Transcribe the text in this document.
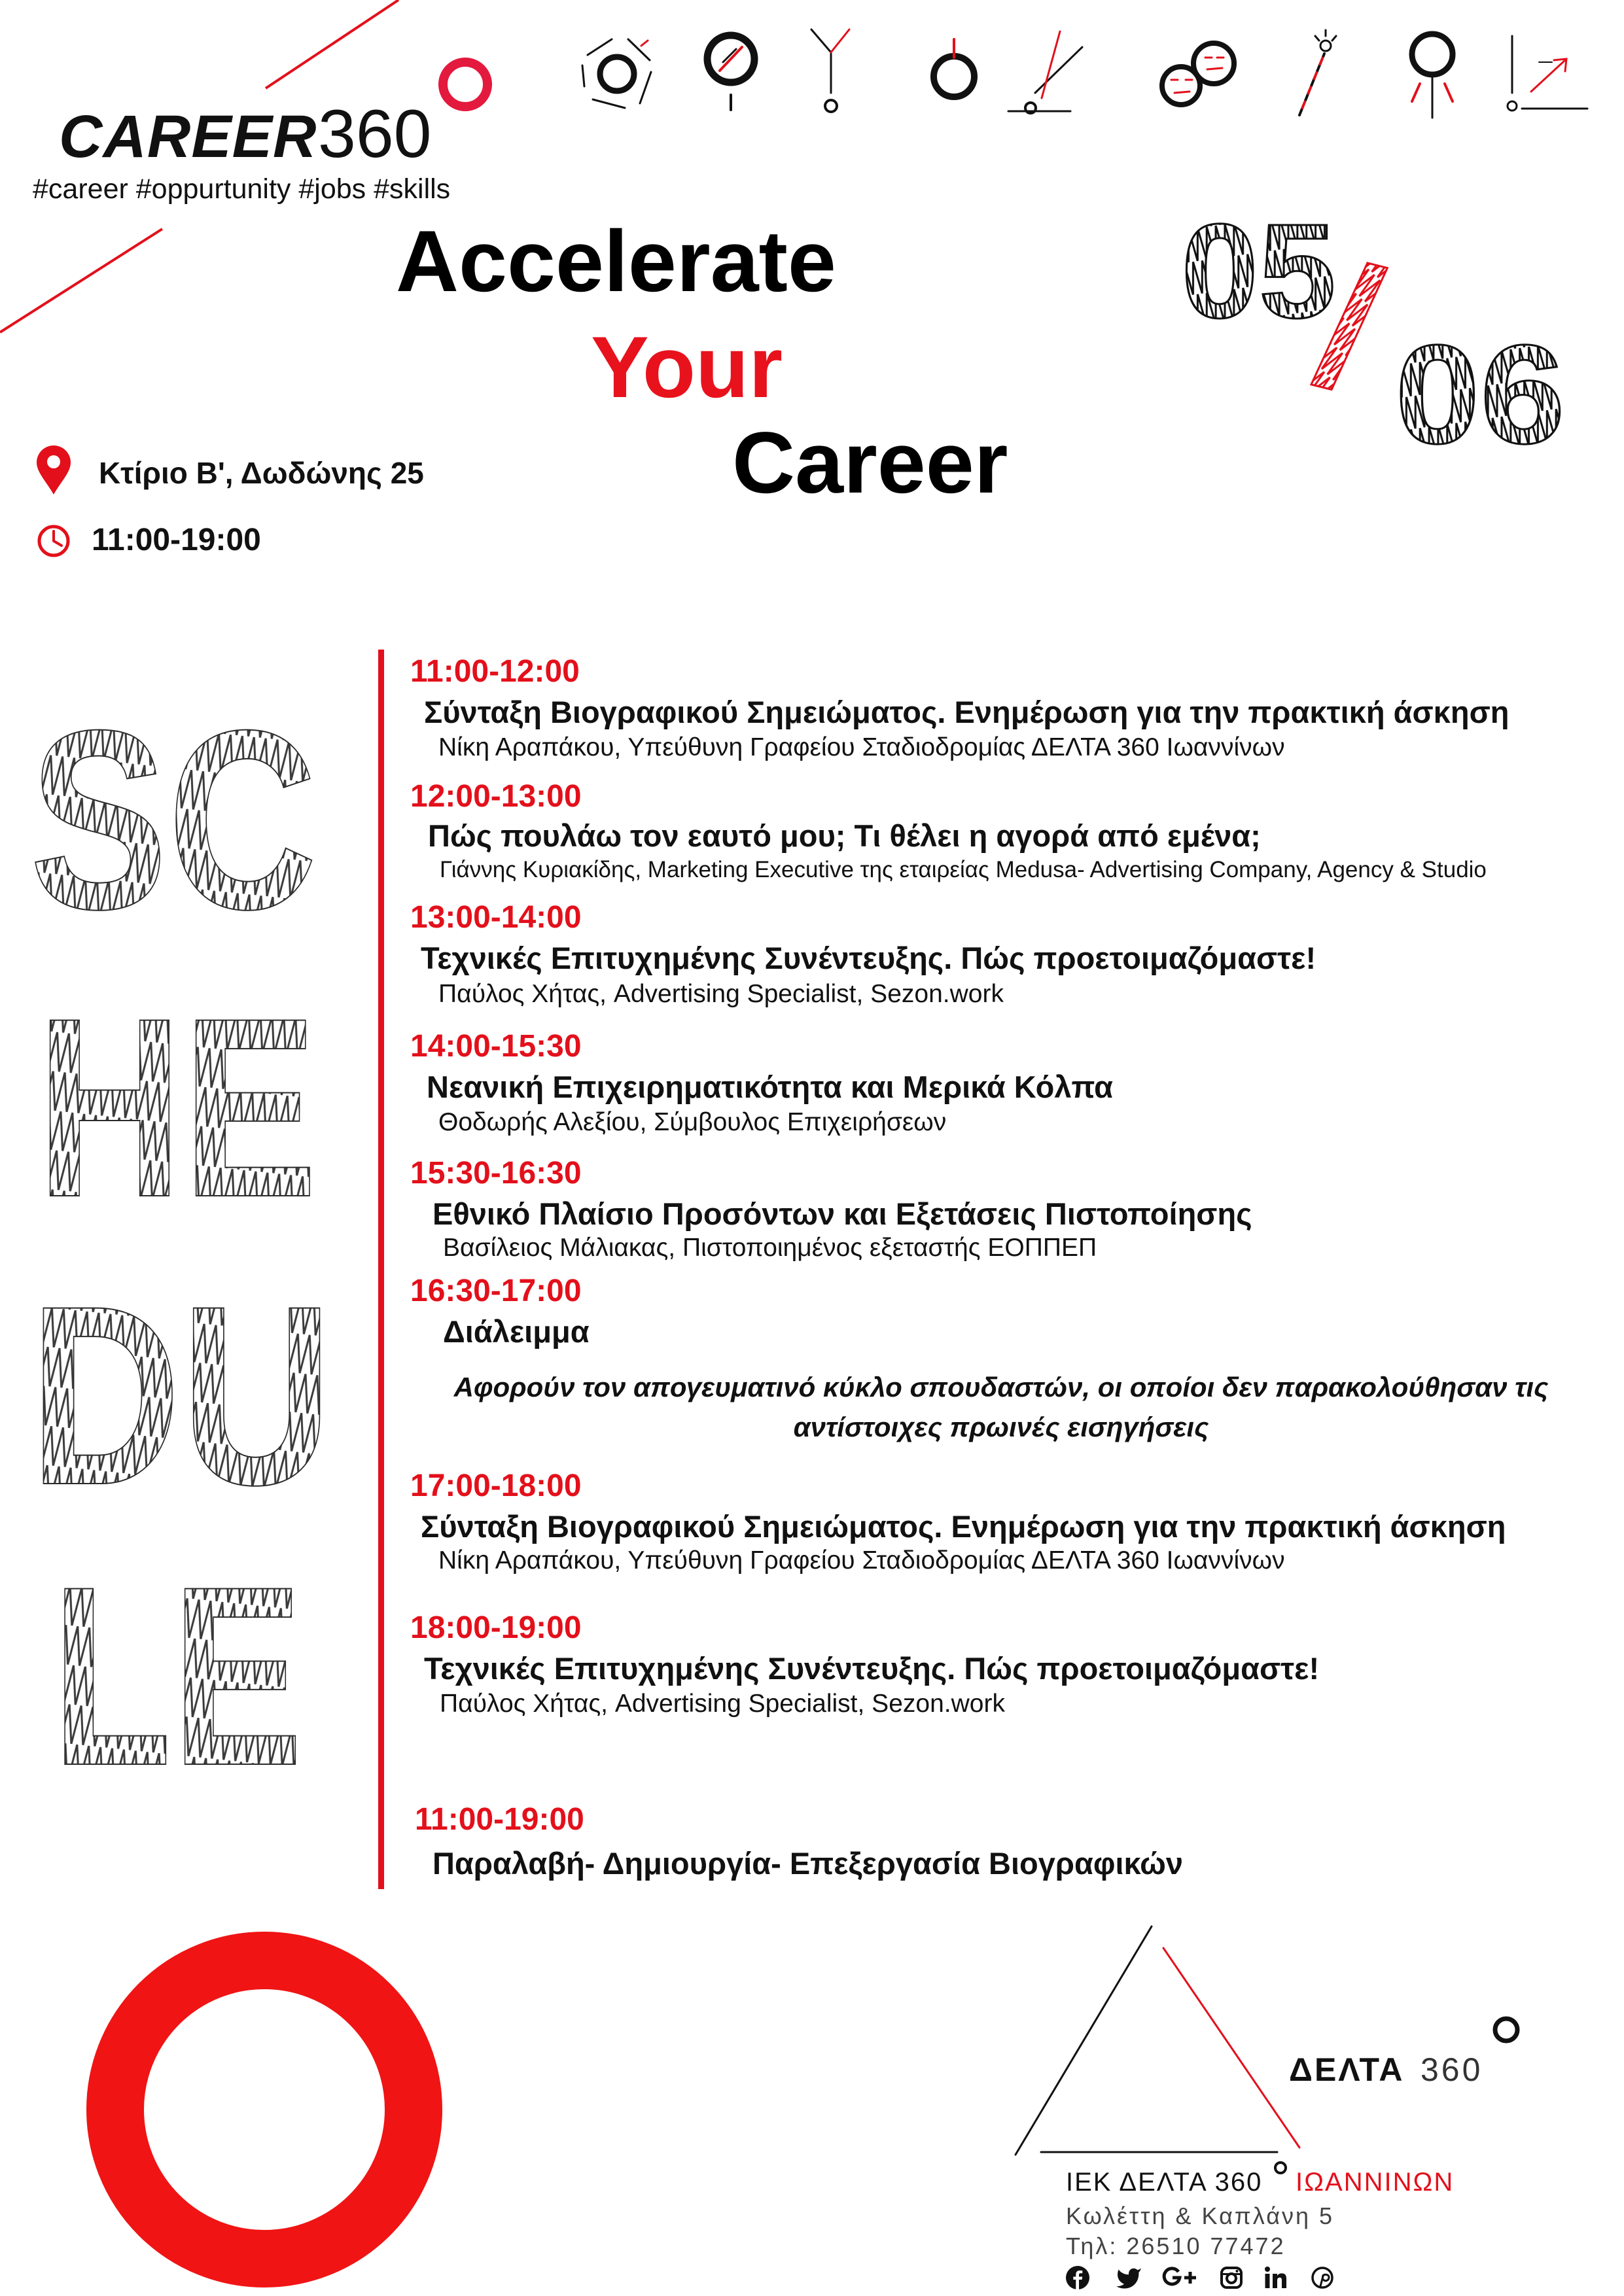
05
/
06
SC
HE
DU
LE
CAREER 360
#career #oppurtunity #jobs #skills
Accelerate
Your
Career
Κτίριο Β', Δωδώνης 25
11:00-19:00
11:00-12:00
Σύνταξη Βιογραφικού Σημειώματος. Ενημέρωση για την πρακτική άσκηση
Νίκη Αραπάκου, Υπεύθυνη Γραφείου Σταδιοδρομίας ΔΕΛΤΑ 360 Ιωαννίνων
12:00-13:00
Πώς πουλάω τον εαυτό μου; Τι θέλει η αγορά από εμένα;
Γιάννης Κυριακίδης, Marketing Executive της εταιρείας Medusa- Advertising Company, Agency & Studio
13:00-14:00
Τεχνικές Επιτυχημένης Συνέντευξης. Πώς προετοιμαζόμαστε!
Παύλος Χήτας, Advertising Specialist, Sezon.work
14:00-15:30
Νεανική Επιχειρηματικότητα και Μερικά Κόλπα
Θοδωρής Αλεξίου, Σύμβουλος Επιχειρήσεων
15:30-16:30
Εθνικό Πλαίσιο Προσόντων και Εξετάσεις Πιστοποίησης
Βασίλειος Μάλιακας, Πιστοποιημένος εξεταστής ΕΟΠΠΕΠ
16:30-17:00
Διάλειμμα
Αφορούν τον απογευματινό κύκλο σπουδαστών, οι οποίοι δεν παρακολούθησαν τις
αντίστοιχες πρωινές εισηγήσεις
17:00-18:00
Σύνταξη Βιογραφικού Σημειώματος. Ενημέρωση για την πρακτική άσκηση
Νίκη Αραπάκου, Υπεύθυνη Γραφείου Σταδιοδρομίας ΔΕΛΤΑ 360 Ιωαννίνων
18:00-19:00
Τεχνικές Επιτυχημένης Συνέντευξης. Πώς προετοιμαζόμαστε!
Παύλος Χήτας, Advertising Specialist, Sezon.work
11:00-19:00
Παραλαβή- Δημιουργία- Επεξεργασία Βιογραφικών
ΔΕΛΤΑ 360
ΙΕΚ ΔΕΛΤΑ 360 ΙΩΑΝΝΙΝΩΝ
Κωλέττη & Καπλάνη 5
Τηλ: 26510 77472
